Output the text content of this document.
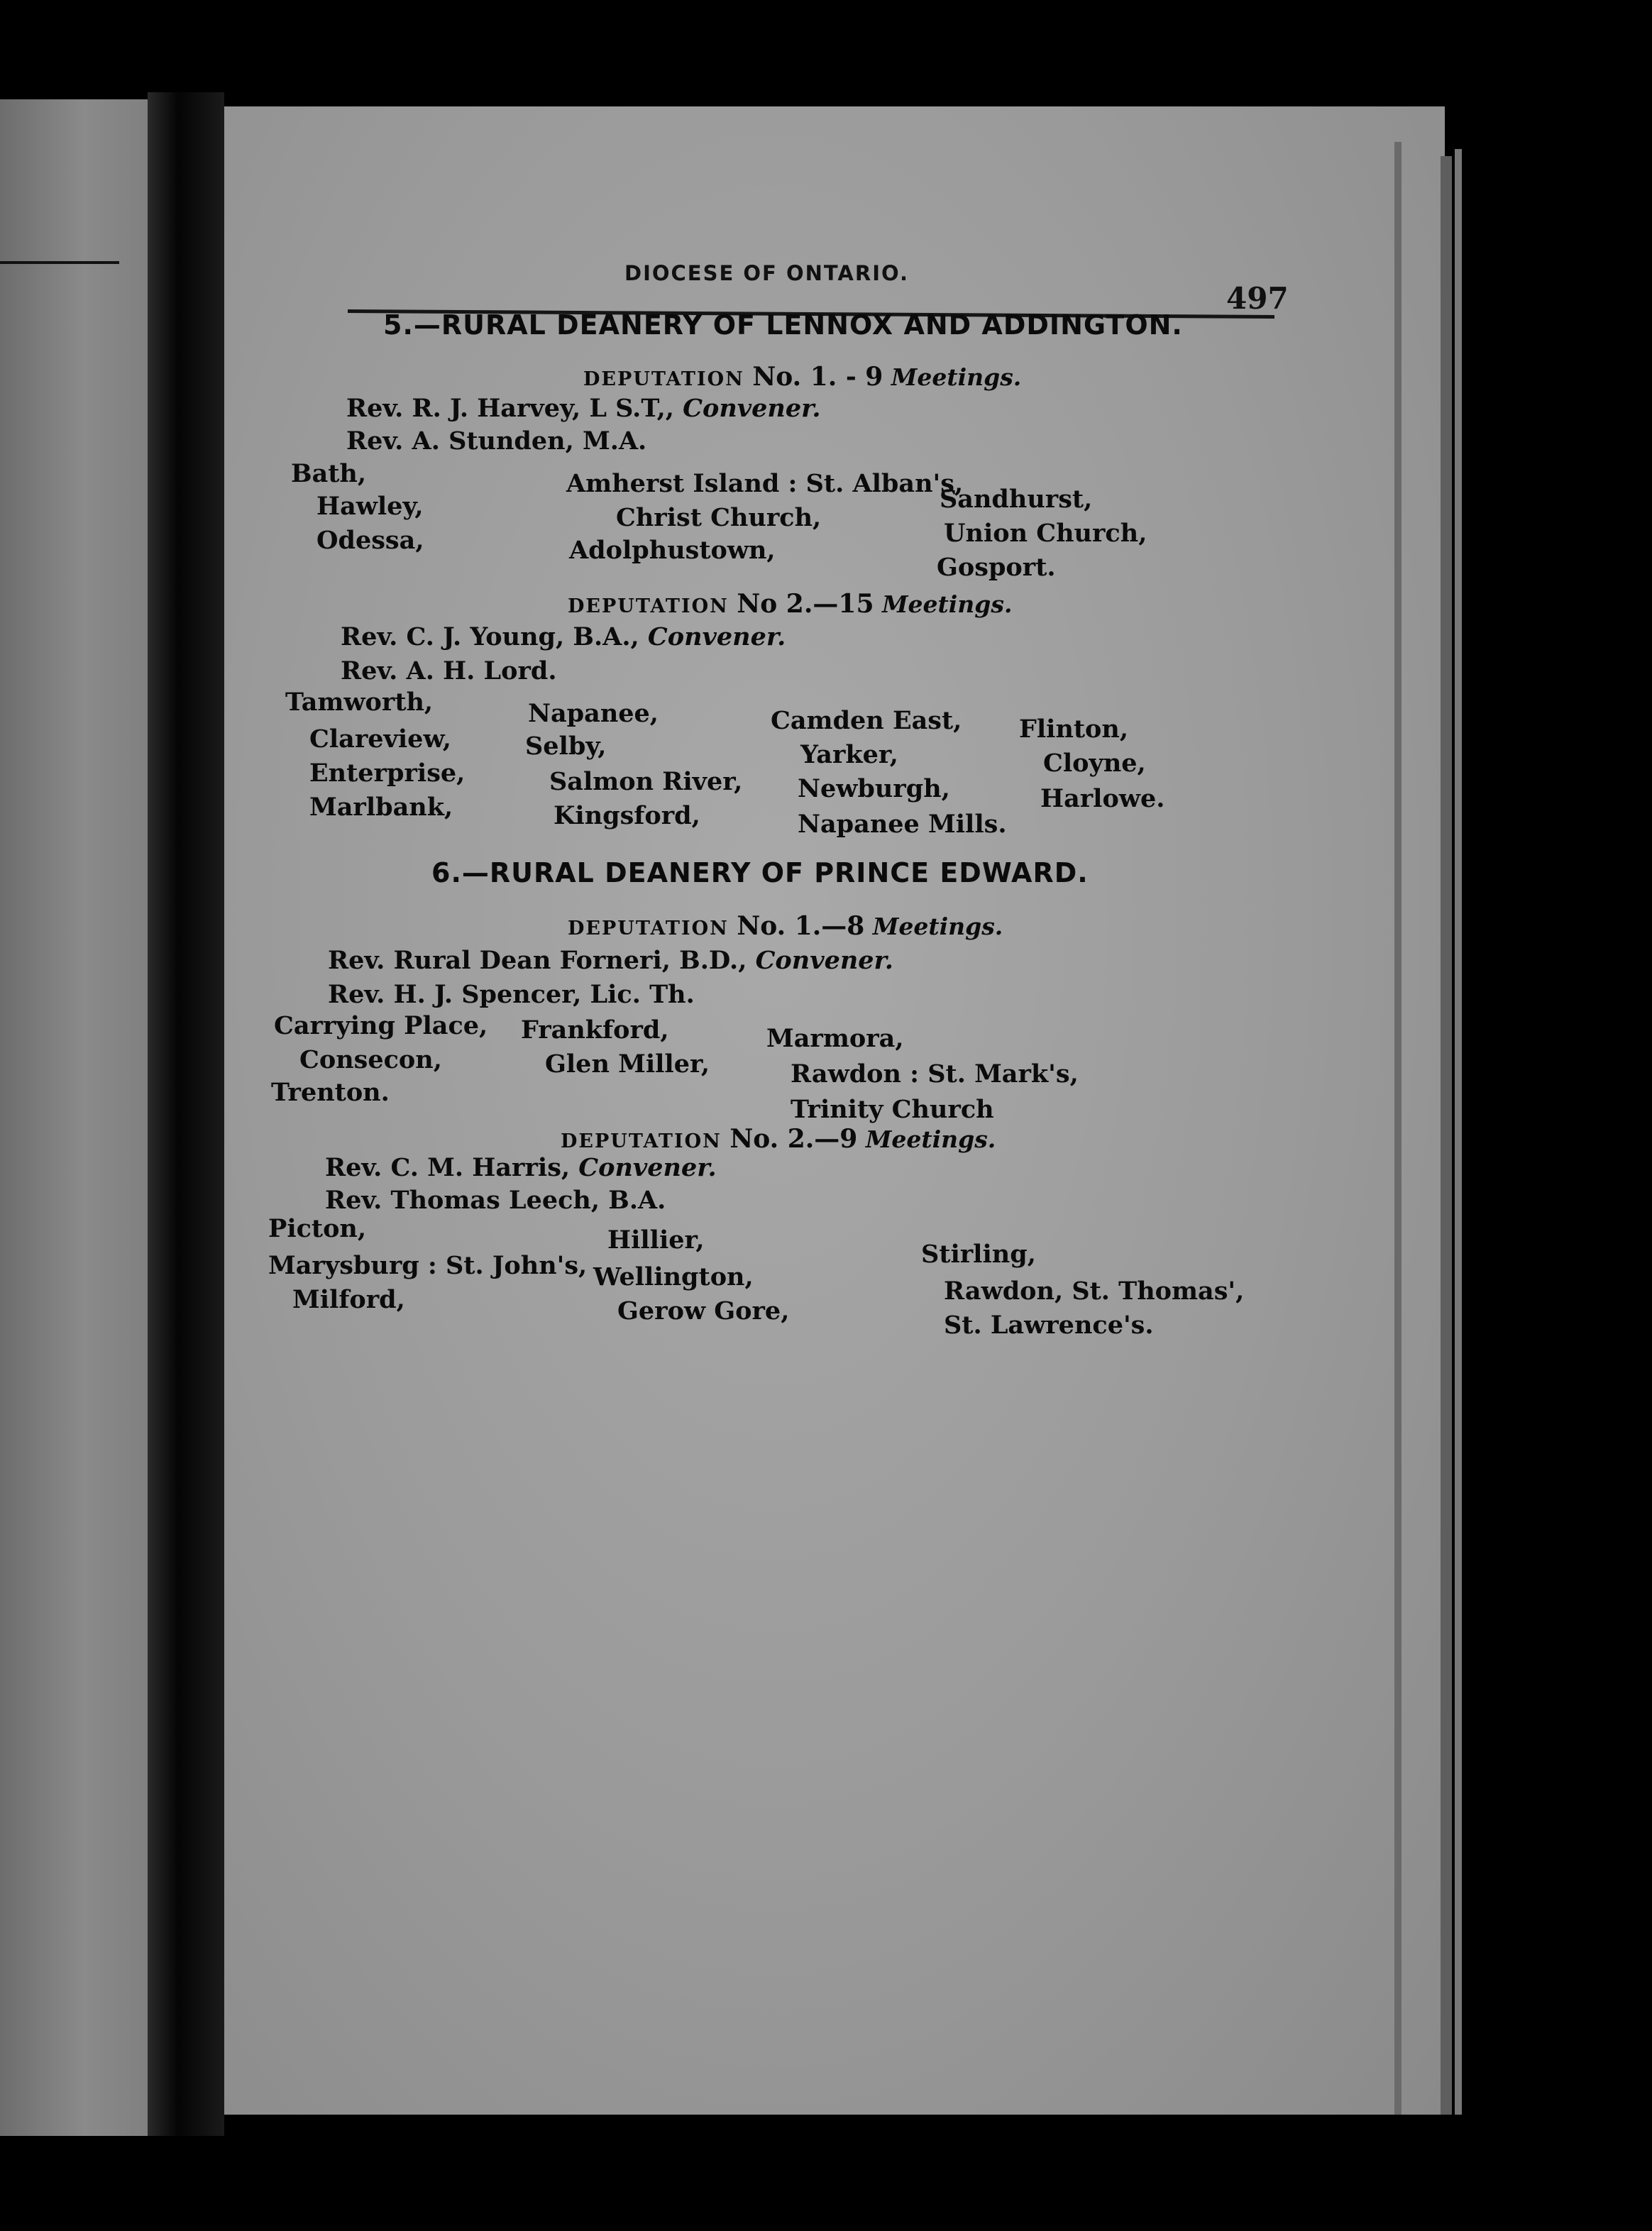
DIOCESE OF ONTARIO.
497
5.—RURAL DEANERY OF LENNOX AND ADDINGTON.
DEPUTATION No. 1. - 9 Meetings.
Rev. R. J. Harvey, L S.T,, Convener.
Rev. A. Stunden, M.A.
Bath,
Hawley,
Odessa,
Amherst Island : St. Alban's,
Christ Church,
Adolphustown,
Sandhurst,
Union Church,
Gosport.
DEPUTATION No 2.—15 Meetings.
Rev. C. J. Young, B.A., Convener.
Rev. A. H. Lord.
Tamworth,
Clareview,
Enterprise,
Marlbank,
Napanee,
Selby,
Salmon River,
Kingsford,
Camden East,
Yarker,
Newburgh,
Napanee Mills.
Flinton,
Cloyne,
Harlowe.
6.—RURAL DEANERY OF PRINCE EDWARD.
DEPUTATION No. 1.—8 Meetings.
Rev. Rural Dean Forneri, B.D., Convener.
Rev. H. J. Spencer, Lic. Th.
Carrying Place,
Consecon,
Trenton.
Frankford,
Glen Miller,
Marmora,
Rawdon : St. Mark's,
Trinity Church
DEPUTATION No. 2.—9 Meetings.
Rev. C. M. Harris, Convener.
Rev. Thomas Leech, B.A.
Picton,
Marysburg : St. John's,
Milford,
Hillier,
Wellington,
Gerow Gore,
Stirling,
Rawdon, St. Thomas',
St. Lawrence's.
